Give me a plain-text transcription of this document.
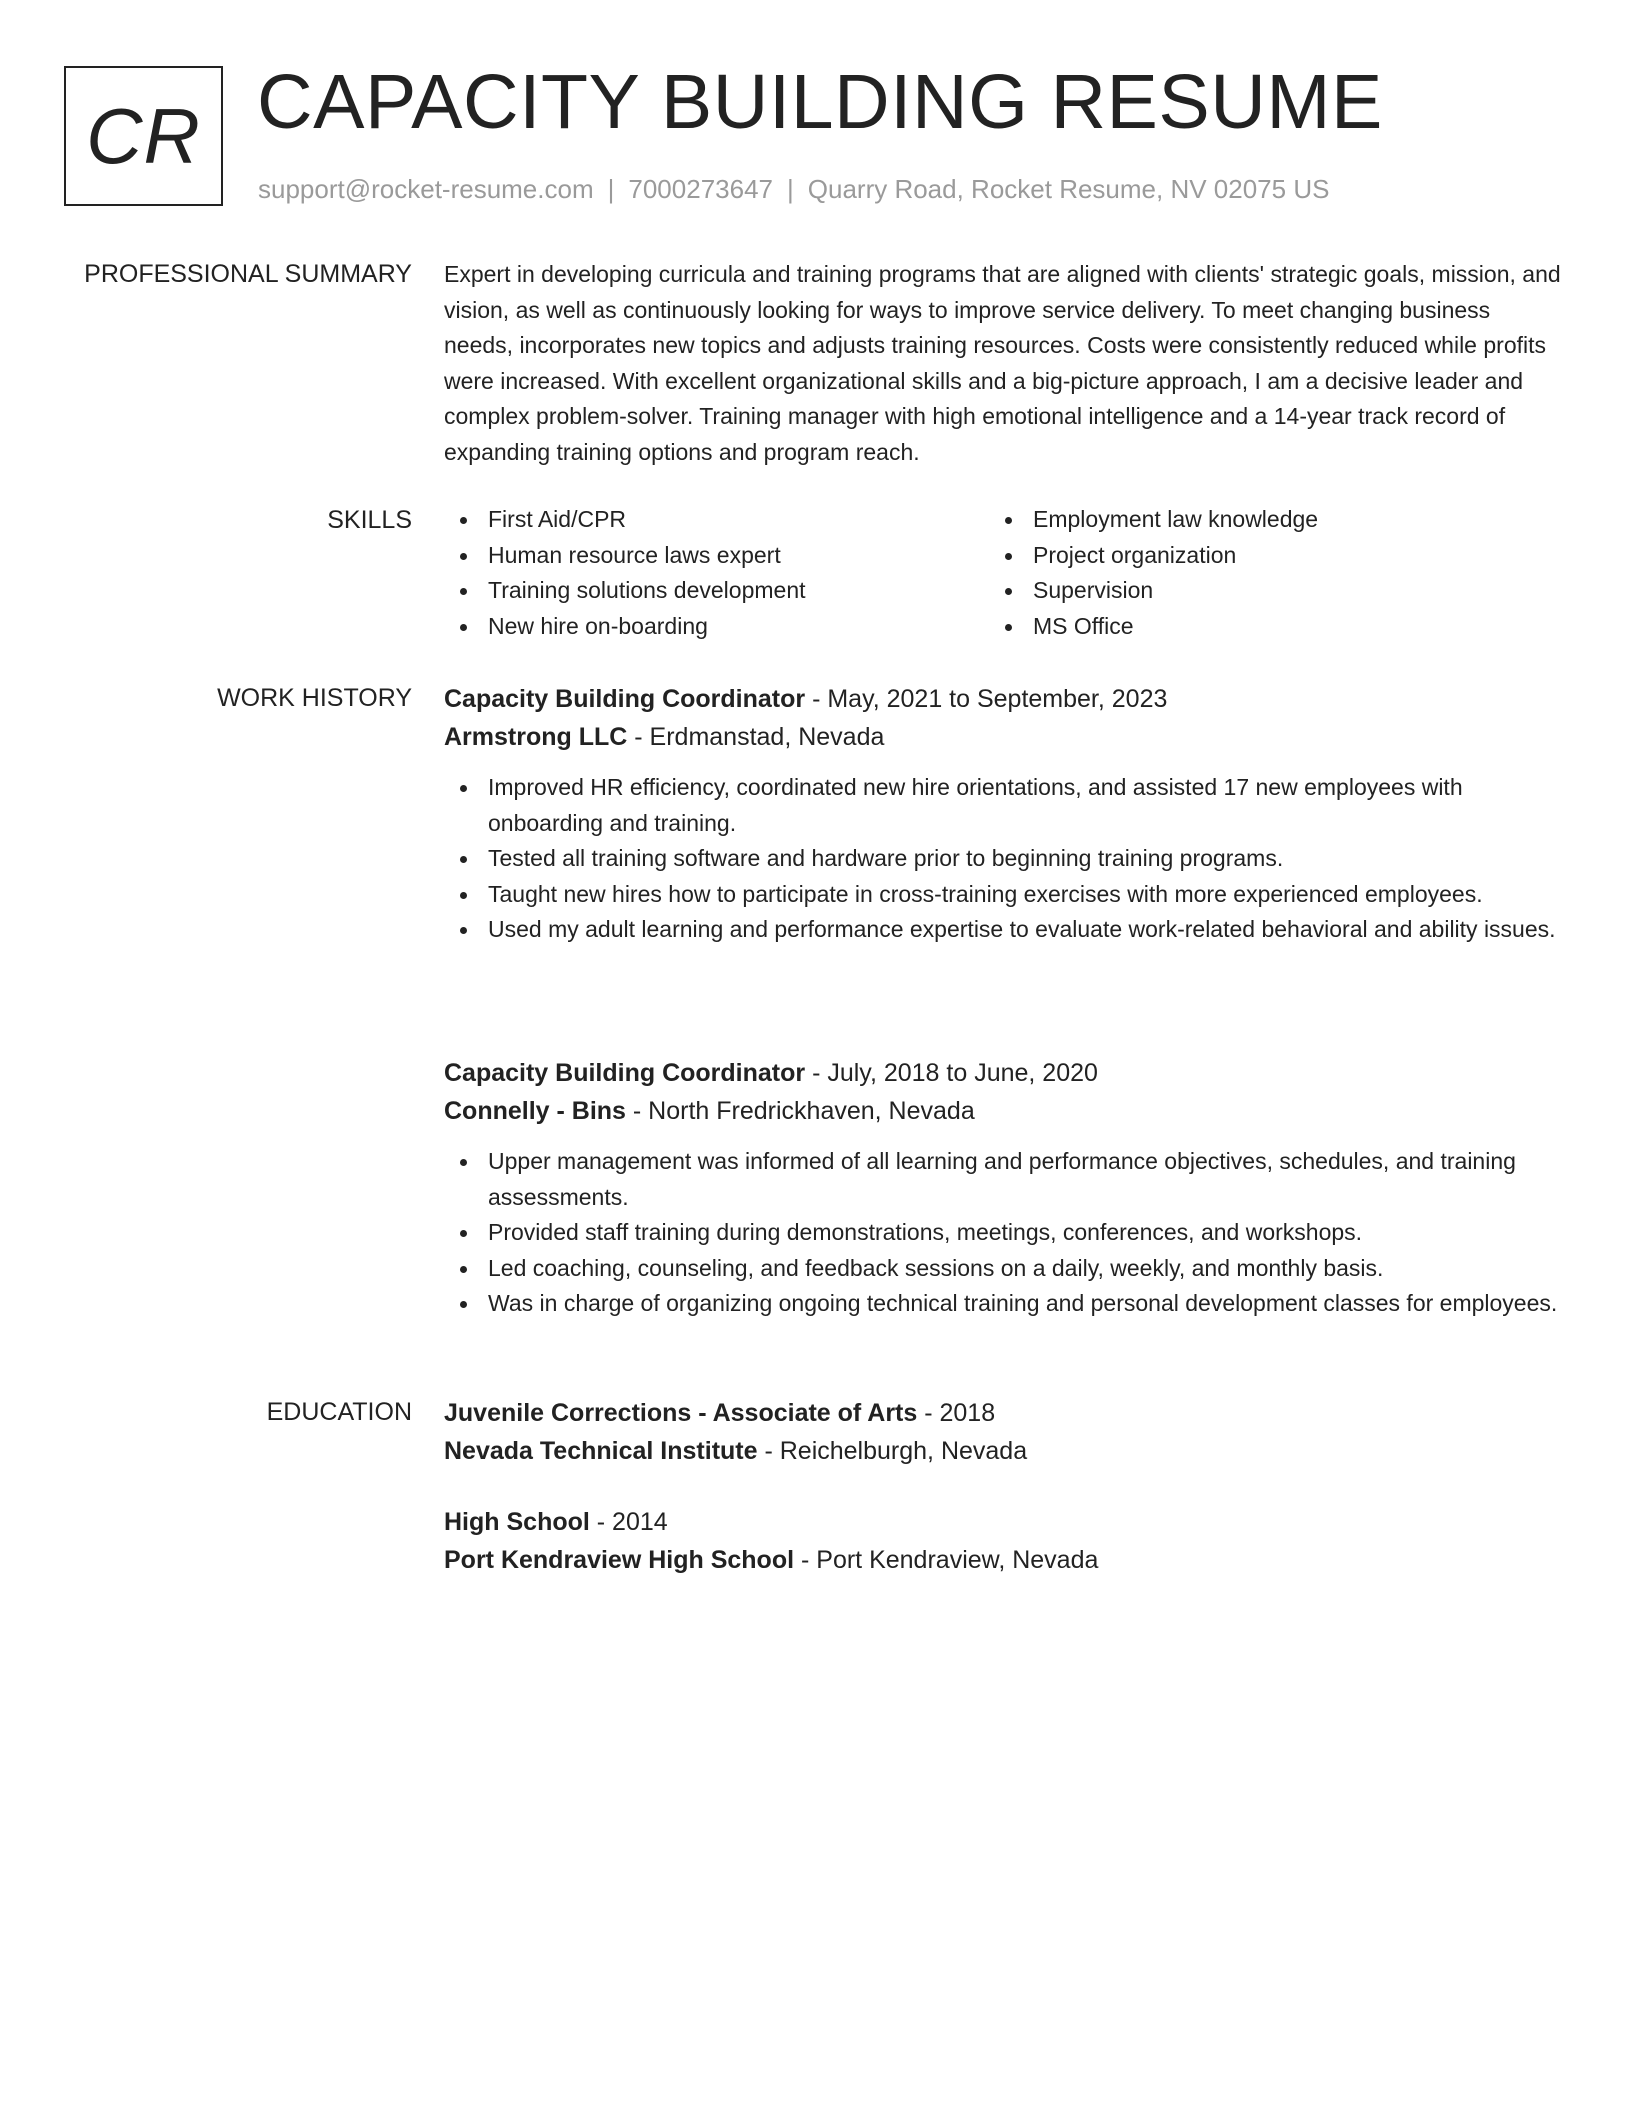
CR CAPACITY BUILDING RESUME
support@rocket-resume.com | 7000273647 | Quarry Road, Rocket Resume, NV 02075 US
PROFESSIONAL SUMMARY Expert in developing curricula and training programs that are aligned with clients' strategic goals, mission, and vision, as well as continuously looking for ways to improve service delivery. To meet changing business needs, incorporates new topics and adjusts training resources. Costs were consistently reduced while profits were increased. With excellent organizational skills and a big-picture approach, I am a decisive leader and complex problem-solver. Training manager with high emotional intelligence and a 14-year track record of expanding training options and program reach.
SKILLS	First Aid/CPR
Human resource laws expert
Training solutions development
New hire on-boarding
Employment law knowledge
Project organization
Supervision
MS Office
WORK HISTORY Capacity Building Coordinator - May, 2021 to September, 2023
Armstrong LLC - Erdmanstad, Nevada
Improved HR efficiency, coordinated new hire orientations, and assisted 17 new employees with onboarding and training.
Tested all training software and hardware prior to beginning training programs.
Taught new hires how to participate in cross-training exercises with more experienced employees.
Used my adult learning and performance expertise to evaluate work-related behavioral and ability issues.
Capacity Building Coordinator - July, 2018 to June, 2020
Connelly - Bins - North Fredrickhaven, Nevada
Upper management was informed of all learning and performance objectives, schedules, and training assessments.
Provided staff training during demonstrations, meetings, conferences, and workshops.
Led coaching, counseling, and feedback sessions on a daily, weekly, and monthly basis.
Was in charge of organizing ongoing technical training and personal development classes for employees.
EDUCATION Juvenile Corrections - Associate of Arts - 2018
Nevada Technical Institute - Reichelburgh, Nevada
High School - 2014
Port Kendraview High School - Port Kendraview, Nevada
